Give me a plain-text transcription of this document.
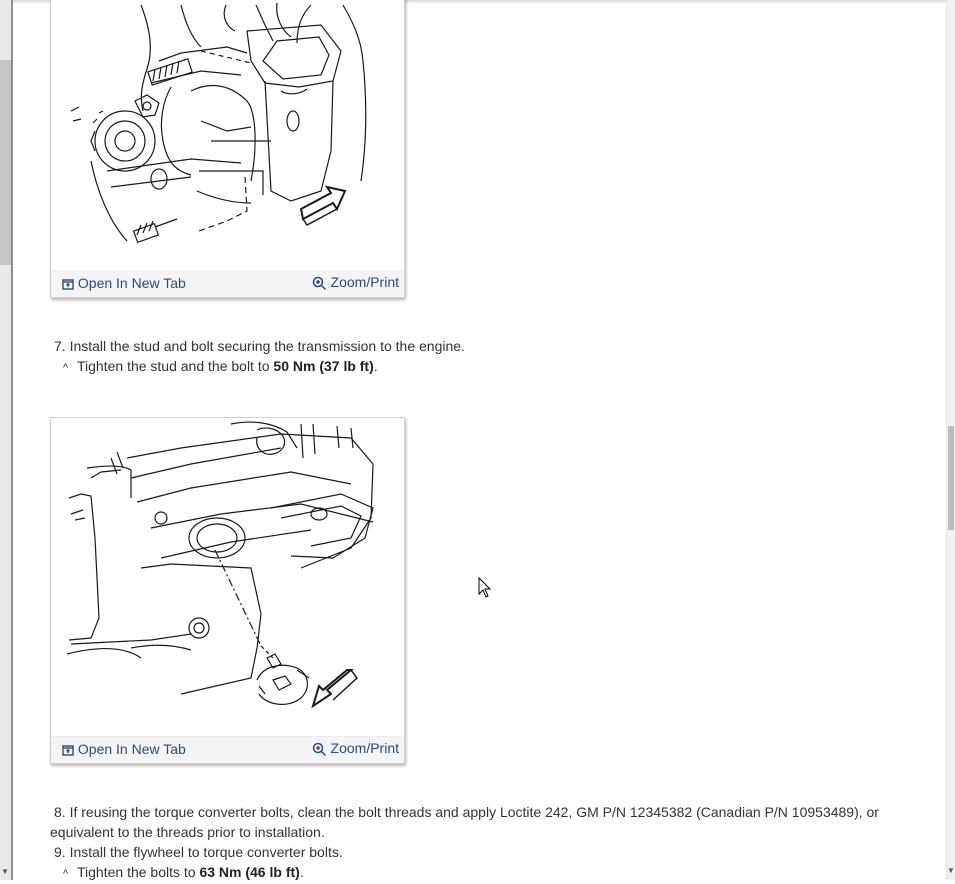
▼
Open In New Tab	Zoom/Print
7. Install the stud and bolt securing the transmission to the engine.
^ Tighten the stud and the bolt to 50 Nm (37 lb ft).
Open In New Tab	Zoom/Print
8. If reusing the torque converter bolts, clean the bolt threads and apply Loctite 242, GM P/N 12345382 (Canadian P/N 10953489), or equivalent to the threads prior to installation.
9. Install the flywheel to torque converter bolts.
^ Tighten the bolts to 63 Nm (46 lb ft).	▼
